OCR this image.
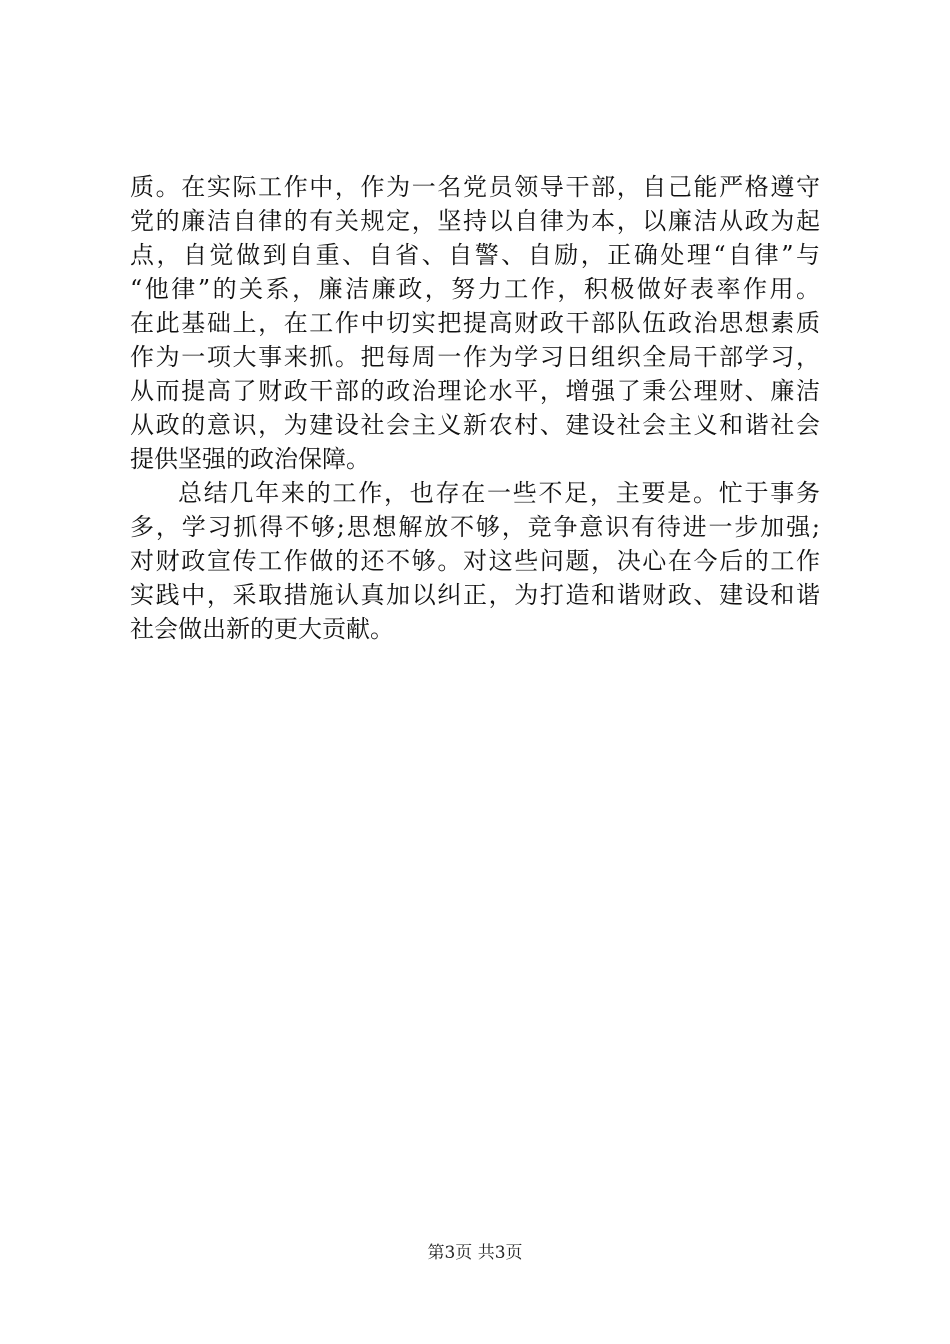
质。在实际工作中，作为一名党员领导干部，自己能严格遵守
党的廉洁自律的有关规定，坚持以自律为本，以廉洁从政为起
点，自觉做到自重、自省、自警、自励，正确处理“自律”与
“他律”的关系，廉洁廉政，努力工作，积极做好表率作用。
在此基础上，在工作中切实把提高财政干部队伍政治思想素质
作为一项大事来抓。把每周一作为学习日组织全局干部学习，
从而提高了财政干部的政治理论水平，增强了秉公理财、廉洁
从政的意识，为建设社会主义新农村、建设社会主义和谐社会
提供坚强的政治保障。
总结几年来的工作，也存在一些不足，主要是。忙于事务
多，学习抓得不够;思想解放不够，竞争意识有待进一步加强;
对财政宣传工作做的还不够。对这些问题，决心在今后的工作
实践中，采取措施认真加以纠正，为打造和谐财政、建设和谐
社会做出新的更大贡献。
第3页 共3页
